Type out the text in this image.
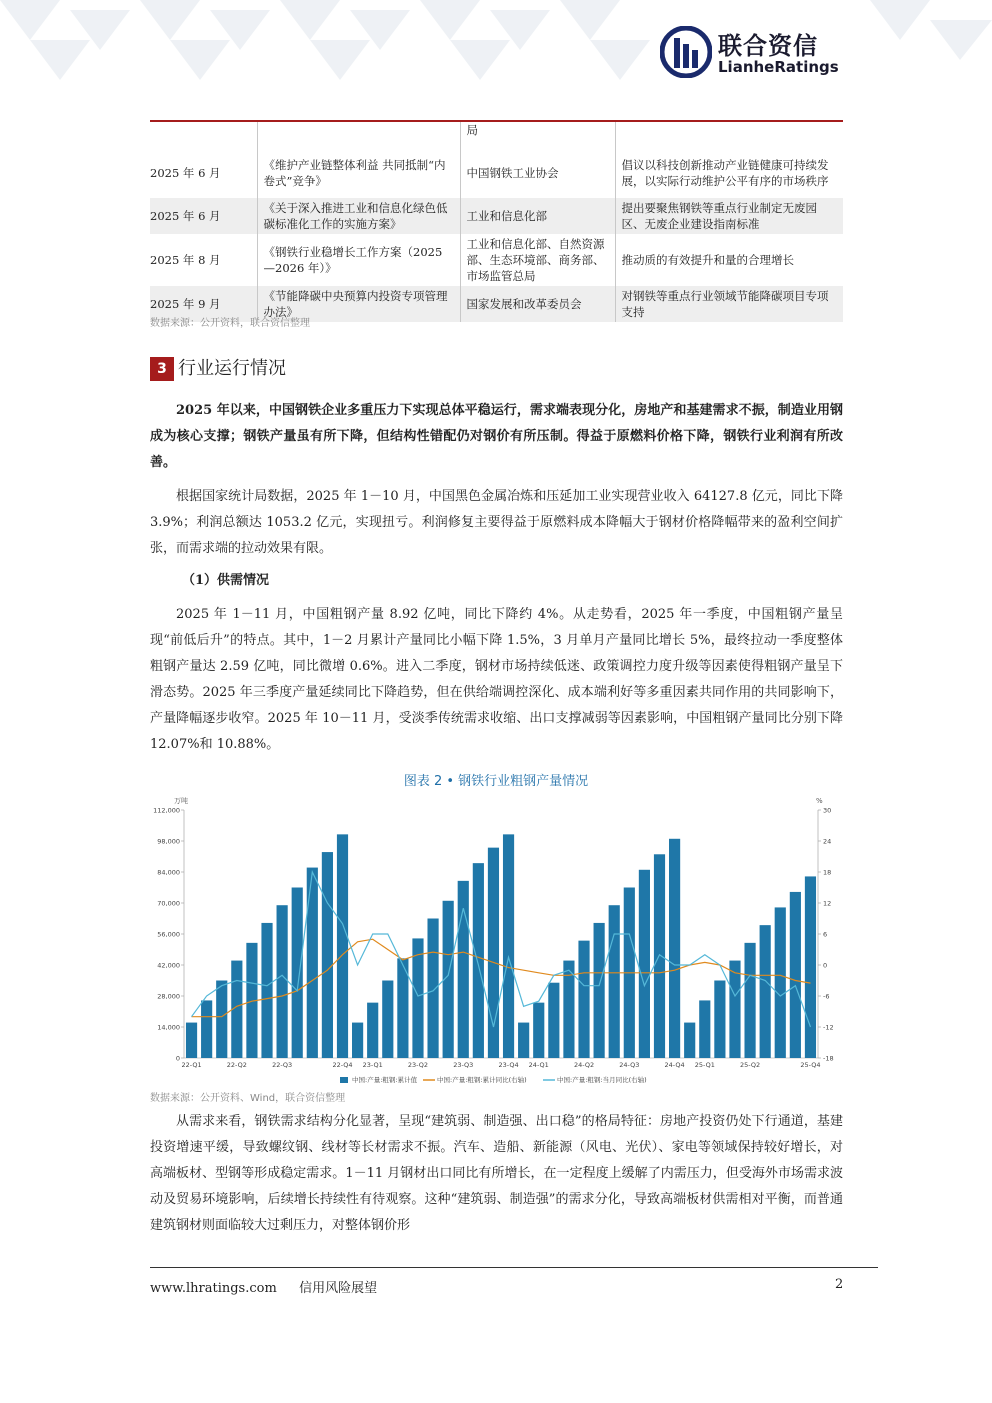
联合资信
LianheRatings
		局	
2025 年 6 月	《维护产业链整体利益 共同抵制“内卷式”竞争》	中国钢铁工业协会	倡议以科技创新推动产业链健康可持续发展，以实际行动维护公平有序的市场秩序
2025 年 6 月	《关于深入推进工业和信息化绿色低碳标准化工作的实施方案》	工业和信息化部	提出要聚焦钢铁等重点行业制定无废园区、无废企业建设指南标准
2025 年 8 月	《钢铁行业稳增长工作方案（2025—2026 年）》	工业和信息化部、自然资源部、生态环境部、商务部、市场监管总局	推动质的有效提升和量的合理增长
2025 年 9 月	《节能降碳中央预算内投资专项管理办法》	国家发展和改革委员会	对钢铁等重点行业领域节能降碳项目专项支持
数据来源：公开资料，联合资信整理
3 行业运行情况
2025 年以来，中国钢铁企业多重压力下实现总体平稳运行，需求端表现分化，房地产和基建需求不振，制造业用钢成为核心支撑；钢铁产量虽有所下降，但结构性错配仍对钢价有所压制。得益于原燃料价格下降，钢铁行业利润有所改善。
根据国家统计局数据，2025 年 1－10 月，中国黑色金属冶炼和压延加工业实现营业收入 64127.8 亿元，同比下降 3.9%；利润总额达 1053.2 亿元，实现扭亏。利润修复主要得益于原燃料成本降幅大于钢材价格降幅带来的盈利空间扩张，而需求端的拉动效果有限。
（1）供需情况
2025 年 1－11 月，中国粗钢产量 8.92 亿吨，同比下降约 4%。从走势看，2025 年一季度，中国粗钢产量呈现“前低后升”的特点。其中，1－2 月累计产量同比小幅下降 1.5%，3 月单月产量同比增长 5%，最终拉动一季度整体粗钢产量达 2.59 亿吨，同比微增 0.6%。进入二季度，钢材市场持续低迷、政策调控力度升级等因素使得粗钢产量呈下滑态势。2025 年三季度产量延续同比下降趋势，但在供给端调控深化、成本端利好等多重因素共同作用的共同影响下，产量降幅逐步收窄。2025 年 10－11 月，受淡季传统需求收缩、出口支撑减弱等因素影响，中国粗钢产量同比分别下降 12.07%和 10.88%。
图表 2 • 钢铁行业粗钢产量情况
万吨	%
0
14,000
28,000
42,000
56,000
70,000
84,000
98,000
112,000
-18
-12
-6
0
6
12
18
24
30
22-Q1	22-Q2	22-Q3	22-Q4 23-Q1	23-Q2	23-Q3	23-Q4 24-Q1	24-Q2	24-Q3	24-Q4 25-Q1	25-Q2	25-Q4
中国:产量:粗钢:累计值	中国:产量:粗钢:累计同比(右轴)	中国:产量:粗钢:当月同比(右轴)
数据来源：公开资料、Wind，联合资信整理
从需求来看，钢铁需求结构分化显著，呈现“建筑弱、制造强、出口稳”的格局特征：房地产投资仍处下行通道，基建投资增速平缓，导致螺纹钢、线材等长材需求不振。汽车、造船、新能源（风电、光伏）、家电等领域保持较好增长，对高端板材、型钢等形成稳定需求。1－11 月钢材出口同比有所增长，在一定程度上缓解了内需压力，但受海外市场需求波动及贸易环境影响，后续增长持续性有待观察。这种“建筑弱、制造强”的需求分化，导致高端板材供需相对平衡，而普通建筑钢材则面临较大过剩压力，对整体钢价形
www.lhratings.com 信用风险展望	2
